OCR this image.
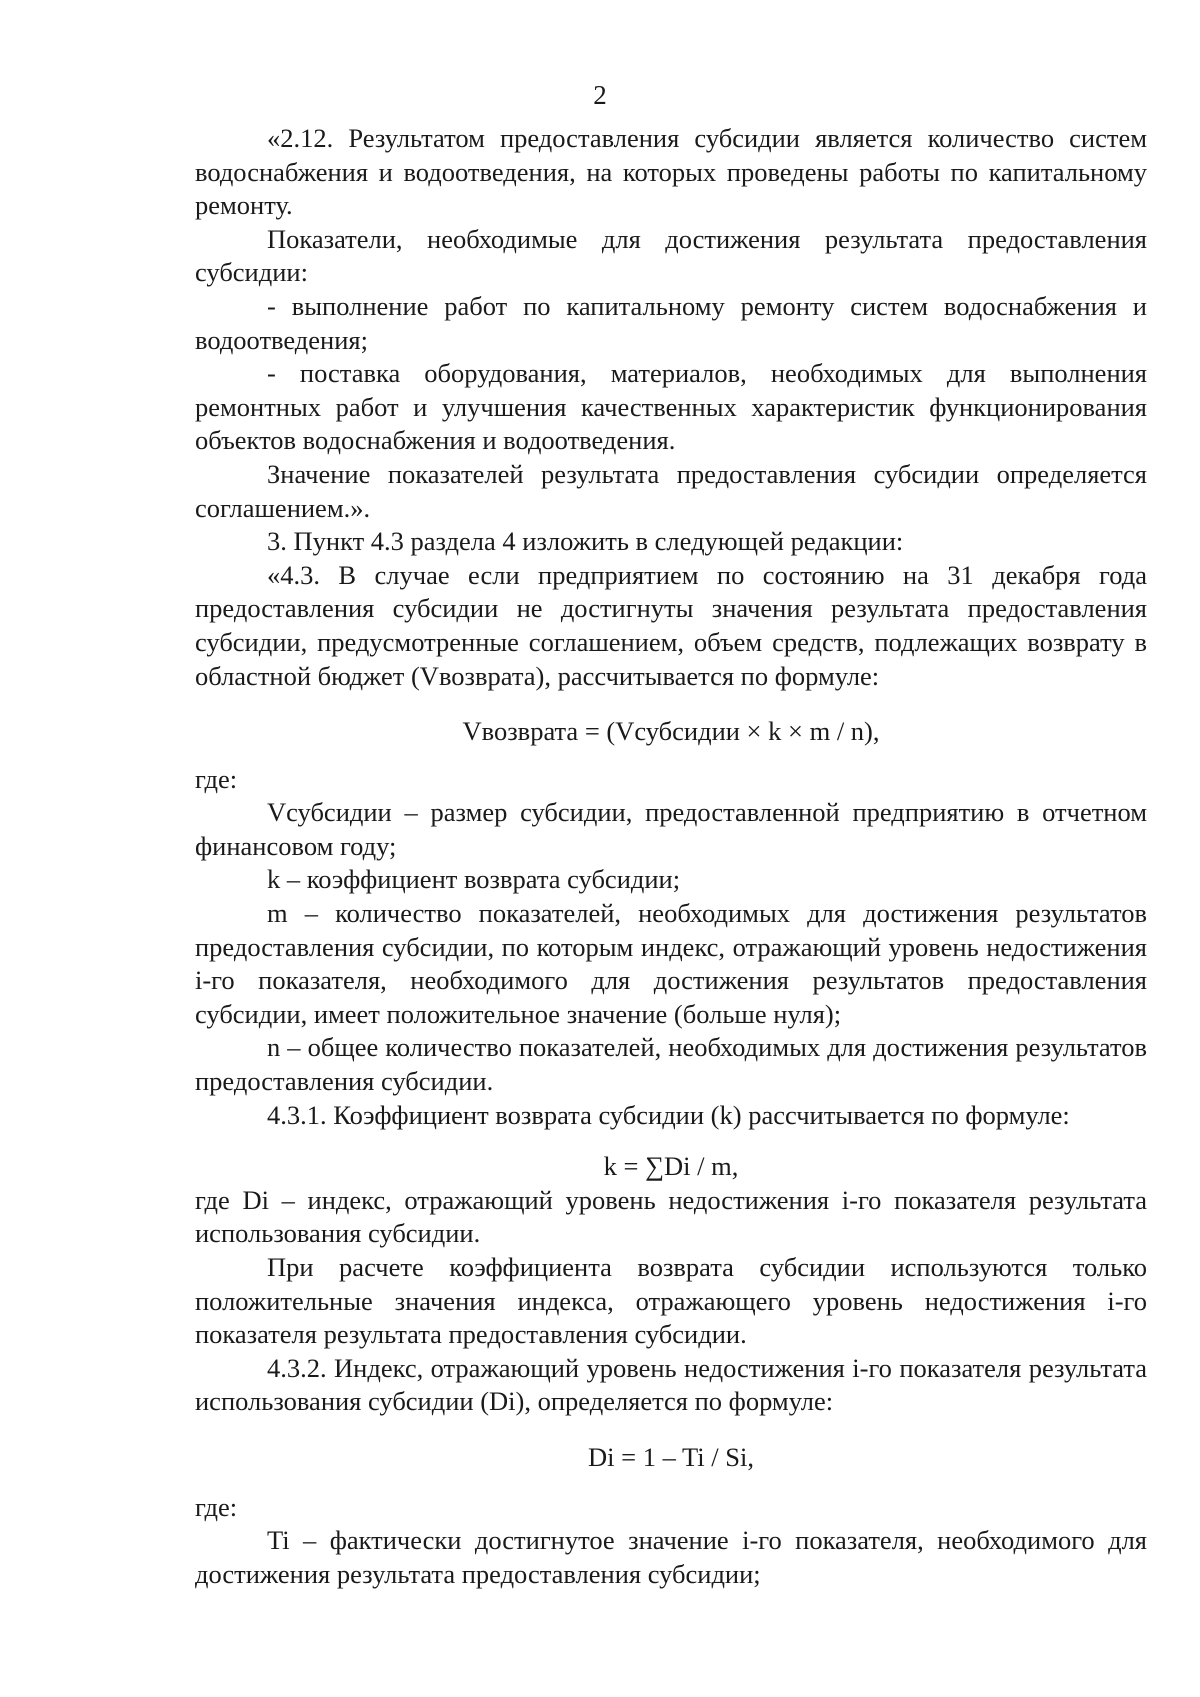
2

«2.12. Результатом предоставления субсидии является количество систем водоснабжения и водоотведения, на которых проведены работы по капитальному ремонту.

Показатели, необходимые для достижения результата предоставления субсидии:

- выполнение работ по капитальному ремонту систем водоснабжения и водоотведения;

- поставка оборудования, материалов, необходимых для выполнения ремонтных работ и улучшения качественных характеристик функционирования объектов водоснабжения и водоотведения.

Значение показателей результата предоставления субсидии определяется соглашением.».

3. Пункт 4.3 раздела 4 изложить в следующей редакции:

«4.3. В случае если предприятием по состоянию на 31 декабря года предоставления субсидии не достигнуты значения результата предоставления субсидии, предусмотренные соглашением, объем средств, подлежащих возврату в областной бюджет (Vвозврата), рассчитывается по формуле:

Vвозврата = (Vсубсидии × k × m / n),

где:

Vсубсидии – размер субсидии, предоставленной предприятию в отчетном финансовом году;

k – коэффициент возврата субсидии;

m – количество показателей, необходимых для достижения результатов предоставления субсидии, по которым индекс, отражающий уровень недостижения i-го показателя, необходимого для достижения результатов предоставления субсидии, имеет положительное значение (больше нуля);

n – общее количество показателей, необходимых для достижения результатов предоставления субсидии.

4.3.1. Коэффициент возврата субсидии (k) рассчитывается по формуле:

k = ∑Di / m,

где Di – индекс, отражающий уровень недостижения i-го показателя результата использования субсидии.

При расчете коэффициента возврата субсидии используются только положительные значения индекса, отражающего уровень недостижения i-го показателя результата предоставления субсидии.

4.3.2. Индекс, отражающий уровень недостижения i-го показателя результата использования субсидии (Di), определяется по формуле:

Di = 1 – Ti / Si,

где:

Ti – фактически достигнутое значение i-го показателя, необходимого для достижения результата предоставления субсидии;
